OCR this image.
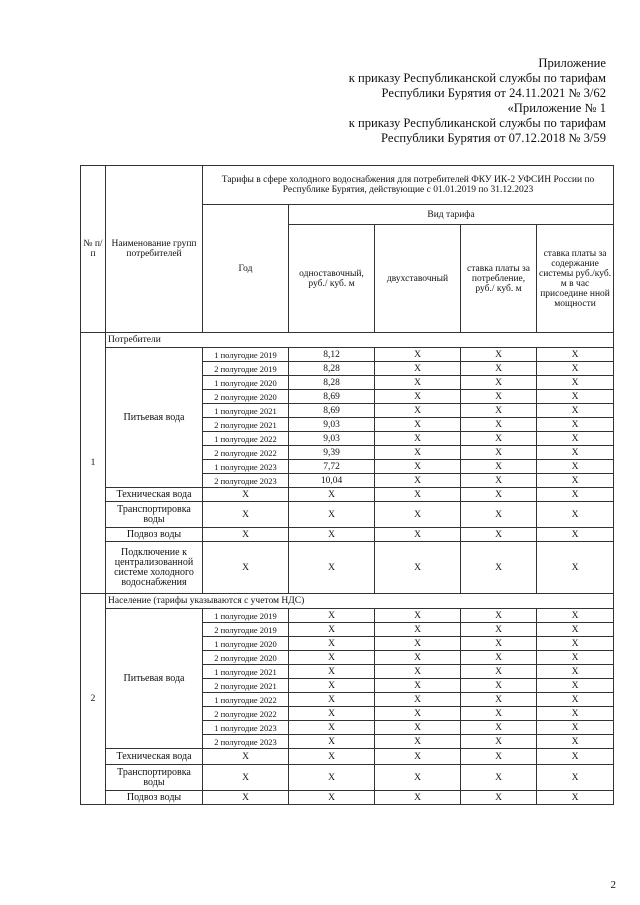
Приложение
к приказу Республиканской службы по тарифам
Республики Бурятия от 24.11.2021 № 3/62
«Приложение № 1
к приказу Республиканской службы по тарифам
Республики Бурятия от 07.12.2018 № 3/59
№ п/п	Наименование групп потребителей	Тарифы в сфере холодного водоснабжения для потребителей ФКУ ИК-2 УФСИН России по Республике Бурятия, действующие с 01.01.2019 по 31.12.2023				
		Год	Вид тарифа			
			одноставочный, руб./ куб. м	двухставочный	ставка платы за потребление, руб./ куб. м	ставка платы за содержание системы руб./куб. м в час присоедине нной мощности
1	Потребители					
	Питьевая вода	1 полугодие 2019	8,12	X	X	X
		2 полугодие 2019	8,28	X	X	X
		1 полугодие 2020	8,28	X	X	X
		2 полугодие 2020	8,69	X	X	X
		1 полугодие 2021	8,69	X	X	X
		2 полугодие 2021	9,03	X	X	X
		1 полугодие 2022	9,03	X	X	X
		2 полугодие 2022	9,39	X	X	X
		1 полугодие 2023	7,72	X	X	X
		2 полугодие 2023	10,04	X	X	X
	Техническая вода	X	X	X	X	X
	Транспортировка воды	X	X	X	X	X
	Подвоз воды	X	X	X	X	X
	Подключение к централизованной системе холодного водоснабжения	X	X	X	X	X
2	Население (тарифы указываются с учетом НДС)					
	Питьевая вода	1 полугодие 2019	X	X	X	X
		2 полугодие 2019	X	X	X	X
		1 полугодие 2020	X	X	X	X
		2 полугодие 2020	X	X	X	X
		1 полугодие 2021	X	X	X	X
		2 полугодие 2021	X	X	X	X
		1 полугодие 2022	X	X	X	X
		2 полугодие 2022	X	X	X	X
		1 полугодие 2023	X	X	X	X
		2 полугодие 2023	X	X	X	X
	Техническая вода	X	X	X	X	X
	Транспортировка воды	X	X	X	X	X
	Подвоз воды	X	X	X	X	X
2
